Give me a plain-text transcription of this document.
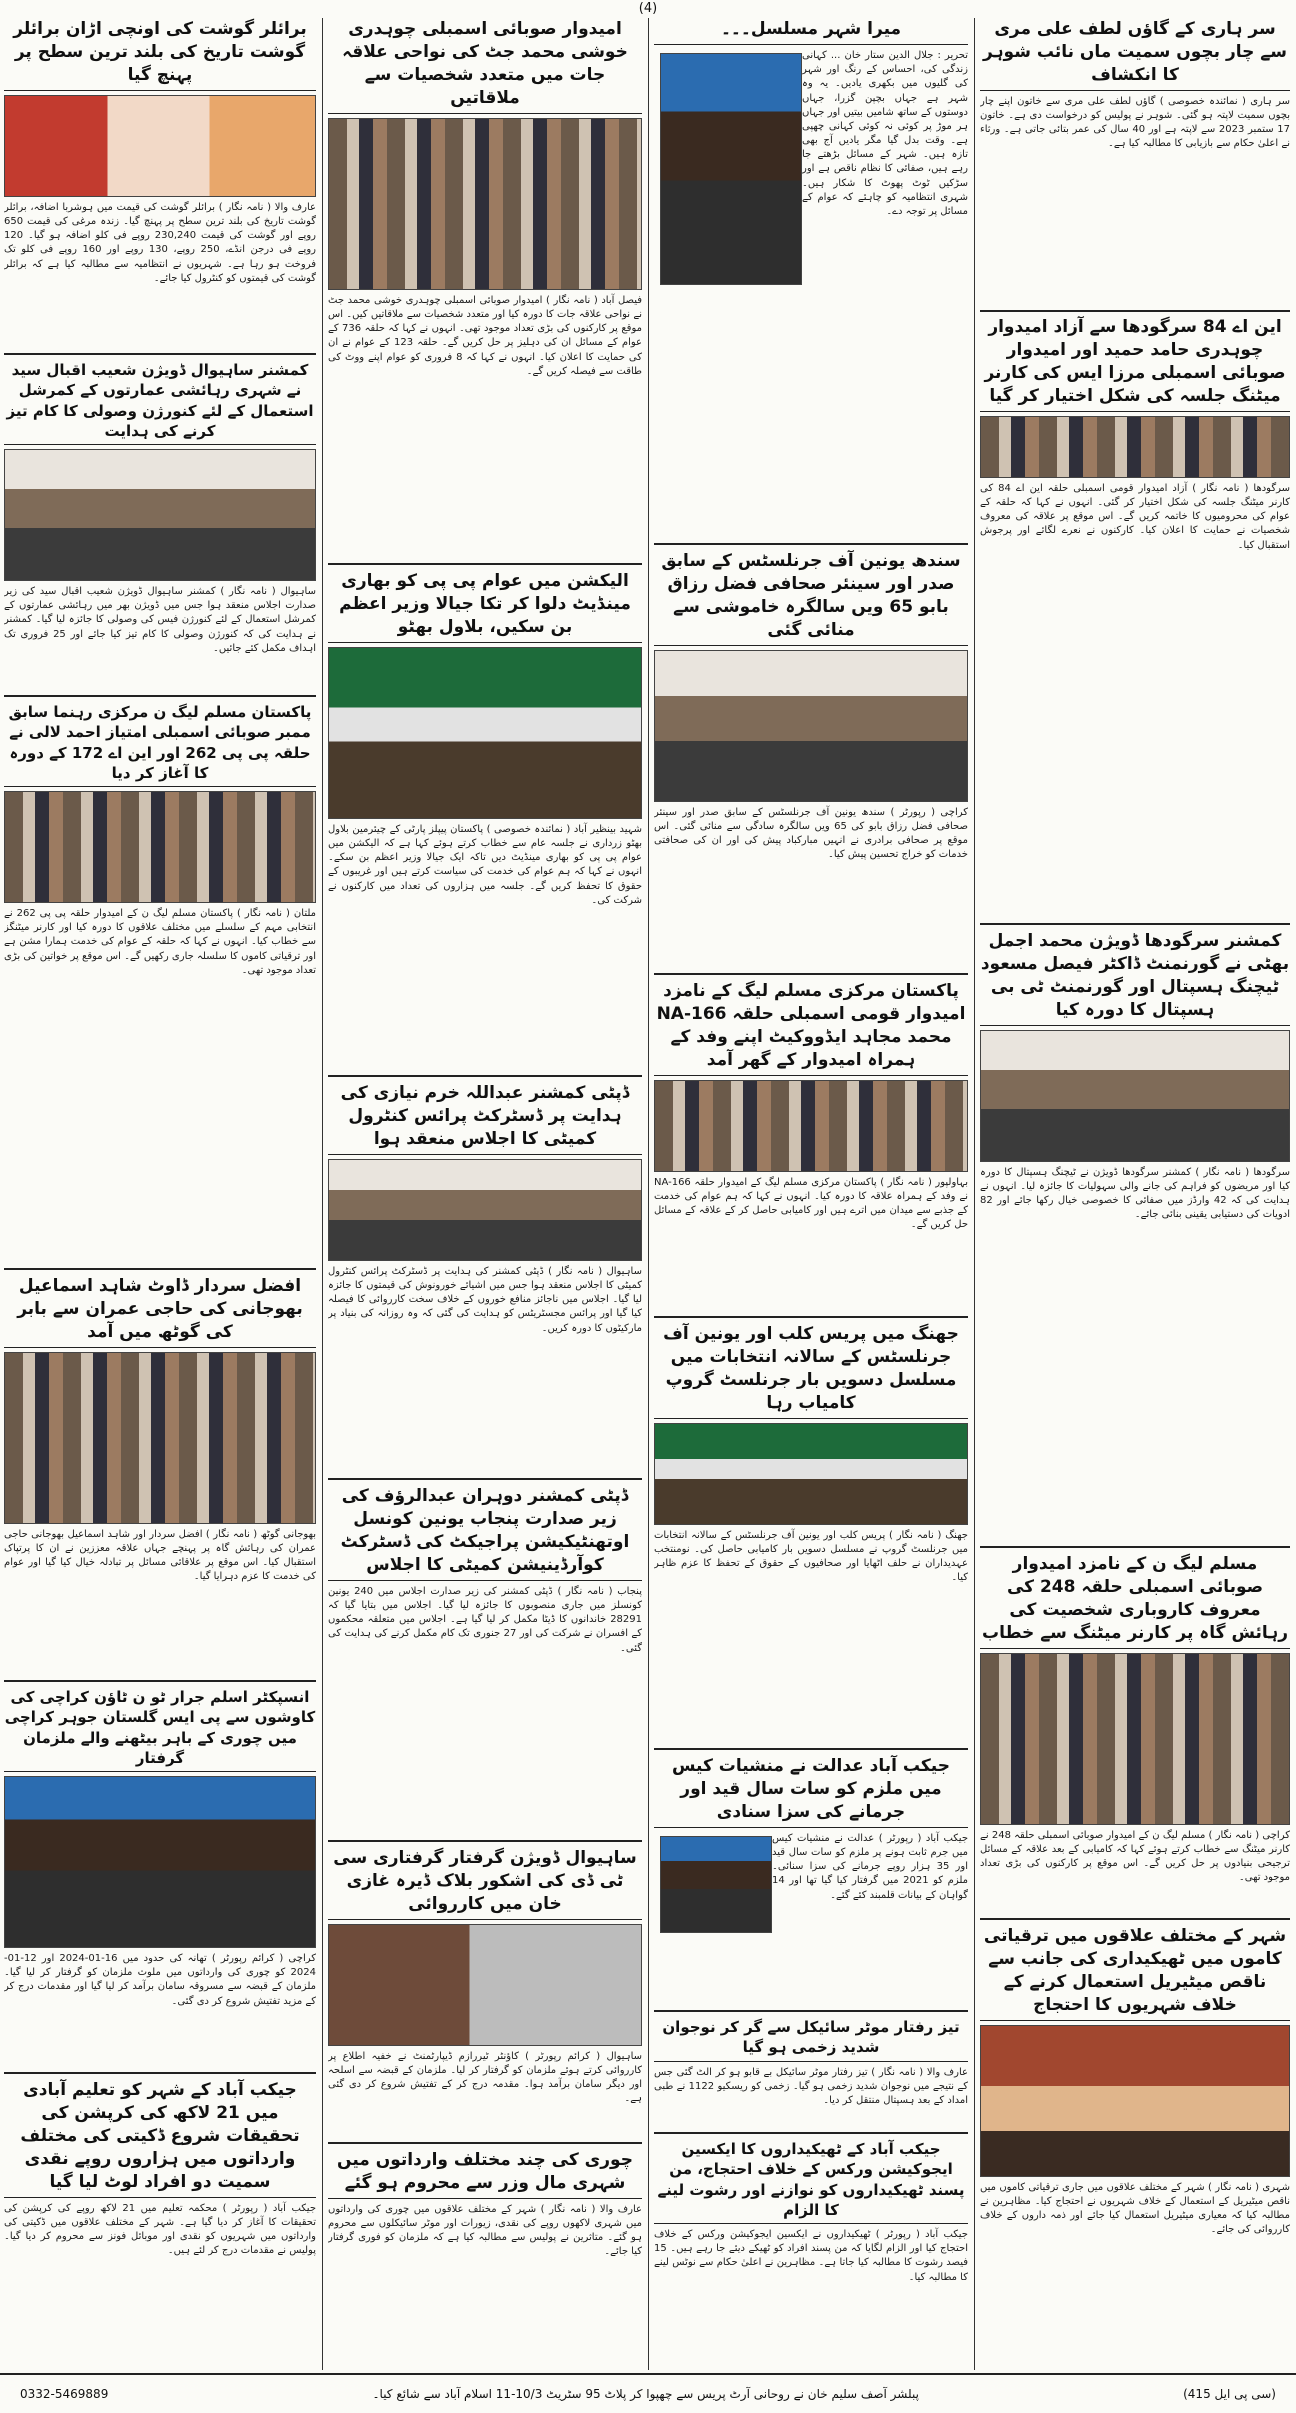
(4)
سر ہاری کے گاؤں لطف علی مری سے چار بچوں سمیت ماں نائب شوہر کا انکشاف
سر ہاری ( نمائندہ خصوصی ) گاؤں لطف علی مری سے خاتون اپنے چار بچوں سمیت لاپتہ ہو گئی۔ شوہر نے پولیس کو درخواست دی ہے۔ خاتون 17 ستمبر 2023 سے لاپتہ ہے اور 40 سال کی عمر بتائی جاتی ہے۔ ورثاء نے اعلیٰ حکام سے بازیابی کا مطالبہ کیا ہے۔
این اے 84 سرگودھا سے آزاد امیدوار چوہدری حامد حمید اور امیدوار صوبائی اسمبلی مرزا ایس کی کارنر میٹنگ جلسہ کی شکل اختیار کر گیا
سرگودھا ( نامہ نگار ) آزاد امیدوار قومی اسمبلی حلقہ این اے 84 کی کارنر میٹنگ جلسہ کی شکل اختیار کر گئی۔ انہوں نے کہا کہ حلقہ کے عوام کی محرومیوں کا خاتمہ کریں گے۔ اس موقع پر علاقہ کی معروف شخصیات نے حمایت کا اعلان کیا۔ کارکنوں نے نعرے لگائے اور پرجوش استقبال کیا۔
کمشنر سرگودھا ڈویژن محمد اجمل بھٹی نے گورنمنٹ ڈاکٹر فیصل مسعود ٹیچنگ ہسپتال اور گورنمنٹ ٹی بی ہسپتال کا دورہ کیا
سرگودھا ( نامہ نگار ) کمشنر سرگودھا ڈویژن نے ٹیچنگ ہسپتال کا دورہ کیا اور مریضوں کو فراہم کی جانے والی سہولیات کا جائزہ لیا۔ انہوں نے ہدایت کی کہ 42 وارڈز میں صفائی کا خصوصی خیال رکھا جائے اور 82 ادویات کی دستیابی یقینی بنائی جائے۔
مسلم لیگ ن کے نامزد امیدوار صوبائی اسمبلی حلقہ 248 کی معروف کاروباری شخصیت کی رہائش گاہ پر کارنر میٹنگ سے خطاب
کراچی ( نامہ نگار ) مسلم لیگ ن کے امیدوار صوبائی اسمبلی حلقہ 248 نے کارنر میٹنگ سے خطاب کرتے ہوئے کہا کہ کامیابی کے بعد علاقہ کے مسائل ترجیحی بنیادوں پر حل کریں گے۔ اس موقع پر کارکنوں کی بڑی تعداد موجود تھی۔
شہر کے مختلف علاقوں میں ترقیاتی کاموں میں ٹھیکیداری کی جانب سے ناقص میٹیریل استعمال کرنے کے خلاف شہریوں کا احتجاج
شہری ( نامہ نگار ) شہر کے مختلف علاقوں میں جاری ترقیاتی کاموں میں ناقص میٹیریل کے استعمال کے خلاف شہریوں نے احتجاج کیا۔ مظاہرین نے مطالبہ کیا کہ معیاری میٹیریل استعمال کیا جائے اور ذمہ داروں کے خلاف کارروائی کی جائے۔
میرا شہر مسلسل۔۔۔
تحریر : جلال الدین ستار خان ... کہانی زندگی کی، احساس کے رنگ اور شہر کی گلیوں میں بکھری یادیں۔ یہ وہ شہر ہے جہاں بچپن گزرا، جہاں دوستوں کے ساتھ شامیں بیتیں اور جہاں ہر موڑ پر کوئی نہ کوئی کہانی چھپی ہے۔ وقت بدل گیا مگر یادیں آج بھی تازہ ہیں۔ شہر کے مسائل بڑھتے جا رہے ہیں، صفائی کا نظام ناقص ہے اور سڑکیں ٹوٹ پھوٹ کا شکار ہیں۔ شہری انتظامیہ کو چاہئے کہ عوام کے مسائل پر توجہ دے۔
سندھ یونین آف جرنلسٹس کے سابق صدر اور سینئر صحافی فضل رزاق بابو 65 ویں سالگرہ خاموشی سے منائی گئی
کراچی ( رپورٹر ) سندھ یونین آف جرنلسٹس کے سابق صدر اور سینئر صحافی فضل رزاق بابو کی 65 ویں سالگرہ سادگی سے منائی گئی۔ اس موقع پر صحافی برادری نے انہیں مبارکباد پیش کی اور ان کی صحافتی خدمات کو خراج تحسین پیش کیا۔
پاکستان مرکزی مسلم لیگ کے نامزد امیدوار قومی اسمبلی حلقہ NA-166 محمد مجاہد ایڈووکیٹ اپنے وفد کے ہمراہ امیدوار کے گھر آمد
بہاولپور ( نامہ نگار ) پاکستان مرکزی مسلم لیگ کے امیدوار حلقہ NA-166 نے وفد کے ہمراہ علاقہ کا دورہ کیا۔ انہوں نے کہا کہ ہم عوام کی خدمت کے جذبے سے میدان میں اترے ہیں اور کامیابی حاصل کر کے علاقہ کے مسائل حل کریں گے۔
جھنگ میں پریس کلب اور یونین آف جرنلسٹس کے سالانہ انتخابات میں مسلسل دسویں بار جرنلسٹ گروپ کامیاب رہا
جھنگ ( نامہ نگار ) پریس کلب اور یونین آف جرنلسٹس کے سالانہ انتخابات میں جرنلسٹ گروپ نے مسلسل دسویں بار کامیابی حاصل کی۔ نومنتخب عہدیداران نے حلف اٹھایا اور صحافیوں کے حقوق کے تحفظ کا عزم ظاہر کیا۔
جیکب آباد عدالت نے منشیات کیس میں ملزم کو سات سال قید اور جرمانے کی سزا سنادی
جیکب آباد ( رپورٹر ) عدالت نے منشیات کیس میں جرم ثابت ہونے پر ملزم کو سات سال قید اور 35 ہزار روپے جرمانے کی سزا سنائی۔ ملزم کو 2021 میں گرفتار کیا گیا تھا اور 14 گواہان کے بیانات قلمبند کئے گئے۔
تیز رفتار موٹر سائیکل سے گر کر نوجوان شدید زخمی ہو گیا
عارف والا ( نامہ نگار ) تیز رفتار موٹر سائیکل بے قابو ہو کر الٹ گئی جس کے نتیجے میں نوجوان شدید زخمی ہو گیا۔ زخمی کو ریسکیو 1122 نے طبی امداد کے بعد ہسپتال منتقل کر دیا۔
جیکب آباد کے ٹھیکیداروں کا ایکسین ایجوکیشن ورکس کے خلاف احتجاج، من پسند ٹھیکیداروں کو نوازنے اور رشوت لینے کا الزام
جیکب آباد ( رپورٹر ) ٹھیکیداروں نے ایکسین ایجوکیشن ورکس کے خلاف احتجاج کیا اور الزام لگایا کہ من پسند افراد کو ٹھیکے دیئے جا رہے ہیں۔ 15 فیصد رشوت کا مطالبہ کیا جاتا ہے۔ مظاہرین نے اعلیٰ حکام سے نوٹس لینے کا مطالبہ کیا۔
امیدوار صوبائی اسمبلی چوہدری خوشی محمد جٹ کی نواحی علاقہ جات میں متعدد شخصیات سے ملاقاتیں
فیصل آباد ( نامہ نگار ) امیدوار صوبائی اسمبلی چوہدری خوشی محمد جٹ نے نواحی علاقہ جات کا دورہ کیا اور متعدد شخصیات سے ملاقاتیں کیں۔ اس موقع پر کارکنوں کی بڑی تعداد موجود تھی۔ انہوں نے کہا کہ حلقہ 736 کے عوام کے مسائل ان کی دہلیز پر حل کریں گے۔ حلقہ 123 کے عوام نے ان کی حمایت کا اعلان کیا۔ انہوں نے کہا کہ 8 فروری کو عوام اپنے ووٹ کی طاقت سے فیصلہ کریں گے۔
الیکشن میں عوام پی پی کو بھاری مینڈیٹ دلوا کر تکا جیالا وزیر اعظم بن سکیں، بلاول بھٹو
شہید بینظیر آباد ( نمائندہ خصوصی ) پاکستان پیپلز پارٹی کے چیئرمین بلاول بھٹو زرداری نے جلسہ عام سے خطاب کرتے ہوئے کہا ہے کہ الیکشن میں عوام پی پی کو بھاری مینڈیٹ دیں تاکہ ایک جیالا وزیر اعظم بن سکے۔ انہوں نے کہا کہ ہم عوام کی خدمت کی سیاست کرتے ہیں اور غریبوں کے حقوق کا تحفظ کریں گے۔ جلسہ میں ہزاروں کی تعداد میں کارکنوں نے شرکت کی۔
ڈپٹی کمشنر عبداللہ خرم نیازی کی ہدایت پر ڈسٹرکٹ پرائس کنٹرول کمیٹی کا اجلاس منعقد ہوا
ساہیوال ( نامہ نگار ) ڈپٹی کمشنر کی ہدایت پر ڈسٹرکٹ پرائس کنٹرول کمیٹی کا اجلاس منعقد ہوا جس میں اشیائے خورونوش کی قیمتوں کا جائزہ لیا گیا۔ اجلاس میں ناجائز منافع خوروں کے خلاف سخت کارروائی کا فیصلہ کیا گیا اور پرائس مجسٹریٹس کو ہدایت کی گئی کہ وہ روزانہ کی بنیاد پر مارکیٹوں کا دورہ کریں۔
ڈپٹی کمشنر دوہران عبدالرؤف کی زیر صدارت پنجاب یونین کونسل اوتھنٹیکیشن پراجیکٹ کی ڈسٹرکٹ کوآرڈینیشن کمیٹی کا اجلاس
پنجاب ( نامہ نگار ) ڈپٹی کمشنر کی زیر صدارت اجلاس میں 240 یونین کونسلز میں جاری منصوبوں کا جائزہ لیا گیا۔ اجلاس میں بتایا گیا کہ 28291 خاندانوں کا ڈیٹا مکمل کر لیا گیا ہے۔ اجلاس میں متعلقہ محکموں کے افسران نے شرکت کی اور 27 جنوری تک کام مکمل کرنے کی ہدایت کی گئی۔
ساہیوال ڈویژن گرفتار گرفتاری سی ٹی ڈی کی اشکور بلاک ڈیرہ غازی خان میں کارروائی
ساہیوال ( کرائم رپورٹر ) کاؤنٹر ٹیررازم ڈیپارٹمنٹ نے خفیہ اطلاع پر کارروائی کرتے ہوئے ملزمان کو گرفتار کر لیا۔ ملزمان کے قبضہ سے اسلحہ اور دیگر سامان برآمد ہوا۔ مقدمہ درج کر کے تفتیش شروع کر دی گئی ہے۔
چوری کی چند مختلف وارداتوں میں شہری مال وزر سے محروم ہو گئے
عارف والا ( نامہ نگار ) شہر کے مختلف علاقوں میں چوری کی وارداتوں میں شہری لاکھوں روپے کی نقدی، زیورات اور موٹر سائیکلوں سے محروم ہو گئے۔ متاثرین نے پولیس سے مطالبہ کیا ہے کہ ملزمان کو فوری گرفتار کیا جائے۔
برائلر گوشت کی اونچی اڑان برائلر گوشت تاریخ کی بلند ترین سطح پر پہنچ گیا
عارف والا ( نامہ نگار ) برائلر گوشت کی قیمت میں ہوشربا اضافہ، برائلر گوشت تاریخ کی بلند ترین سطح پر پہنچ گیا۔ زندہ مرغی کی قیمت 650 روپے اور گوشت کی قیمت 230,240 روپے فی کلو اضافہ ہو گیا۔ 120 روپے فی درجن انڈے، 250 روپے، 130 روپے اور 160 روپے فی کلو تک فروخت ہو رہا ہے۔ شہریوں نے انتظامیہ سے مطالبہ کیا ہے کہ برائلر گوشت کی قیمتوں کو کنٹرول کیا جائے۔
کمشنر ساہیوال ڈویژن شعیب اقبال سید نے شہری رہائشی عمارتوں کے کمرشل استعمال کے لئے کنورژن وصولی کا کام تیز کرنے کی ہدایت
ساہیوال ( نامہ نگار ) کمشنر ساہیوال ڈویژن شعیب اقبال سید کی زیر صدارت اجلاس منعقد ہوا جس میں ڈویژن بھر میں رہائشی عمارتوں کے کمرشل استعمال کے لئے کنورژن فیس کی وصولی کا جائزہ لیا گیا۔ کمشنر نے ہدایت کی کہ کنورژن وصولی کا کام تیز کیا جائے اور 25 فروری تک اہداف مکمل کئے جائیں۔
پاکستان مسلم لیگ ن مرکزی رہنما سابق ممبر صوبائی اسمبلی امتیاز احمد لالی نے حلقہ پی پی 262 اور این اے 172 کے دورہ کا آغاز کر دیا
ملتان ( نامہ نگار ) پاکستان مسلم لیگ ن کے امیدوار حلقہ پی پی 262 نے انتخابی مہم کے سلسلے میں مختلف علاقوں کا دورہ کیا اور کارنر میٹنگز سے خطاب کیا۔ انہوں نے کہا کہ حلقہ کے عوام کی خدمت ہمارا مشن ہے اور ترقیاتی کاموں کا سلسلہ جاری رکھیں گے۔ اس موقع پر خواتین کی بڑی تعداد موجود تھی۔
افضل سردار ڈاوٹ شاہد اسماعیل بھوجانی کی حاجی عمران سے بابر کی گوٹھ میں آمد
بھوجانی گوٹھ ( نامہ نگار ) افضل سردار اور شاہد اسماعیل بھوجانی حاجی عمران کی رہائش گاہ پر پہنچے جہاں علاقہ معززین نے ان کا پرتپاک استقبال کیا۔ اس موقع پر علاقائی مسائل پر تبادلہ خیال کیا گیا اور عوام کی خدمت کا عزم دہرایا گیا۔
انسپکٹر اسلم جرار ٹو ن ٹاؤن کراچی کی کاوشوں سے پی ایس گلستان جوہر کراچی میں چوری کے باہر بیٹھنے والے ملزمان گرفتار
کراچی ( کرائم رپورٹر ) تھانہ کی حدود میں 16-01-2024 اور 12-01-2024 کو چوری کی وارداتوں میں ملوث ملزمان کو گرفتار کر لیا گیا۔ ملزمان کے قبضہ سے مسروقہ سامان برآمد کر لیا گیا اور مقدمات درج کر کے مزید تفتیش شروع کر دی گئی۔
جیکب آباد کے شہر کو تعلیم آبادی میں 21 لاکھ کی کرپشن کی تحقیقات شروع ڈکیتی کی مختلف وارداتوں میں ہزاروں روپے نقدی سمیت دو افراد لوٹ لیا گیا
جیکب آباد ( رپورٹر ) محکمہ تعلیم میں 21 لاکھ روپے کی کرپشن کی تحقیقات کا آغاز کر دیا گیا ہے۔ شہر کے مختلف علاقوں میں ڈکیتی کی وارداتوں میں شہریوں کو نقدی اور موبائل فونز سے محروم کر دیا گیا۔ پولیس نے مقدمات درج کر لئے ہیں۔
(سی پی ایل 415)
پبلشر آصف سلیم خان نے روحانی آرٹ پریس سے چھپوا کر پلاٹ 95 سٹریٹ 10/3-11 اسلام آباد سے شائع کیا۔
0332-5469889
